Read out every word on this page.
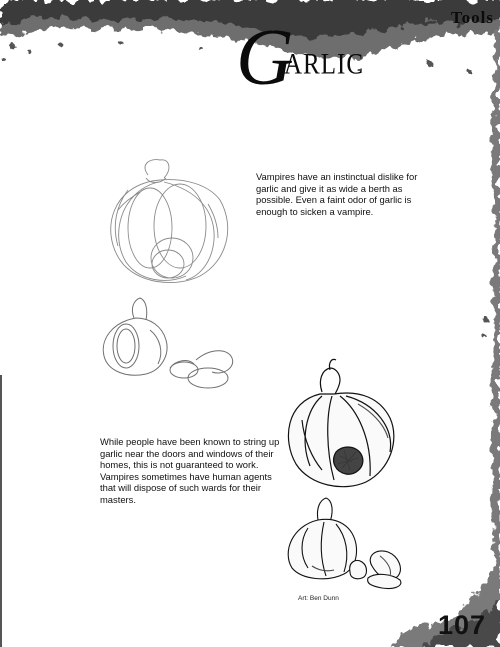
G
ARLIC
Tools
Vampires have an instinctual dislike for garlic and give it as wide a berth as possible. Even a faint odor of garlic is enough to sicken a vampire.
While people have been known to string up garlic near the doors and windows of their homes, this is not guaranteed to work. Vampires sometimes have human agents that will dispose of such wards for their masters.
Art: Ben Dunn
107
